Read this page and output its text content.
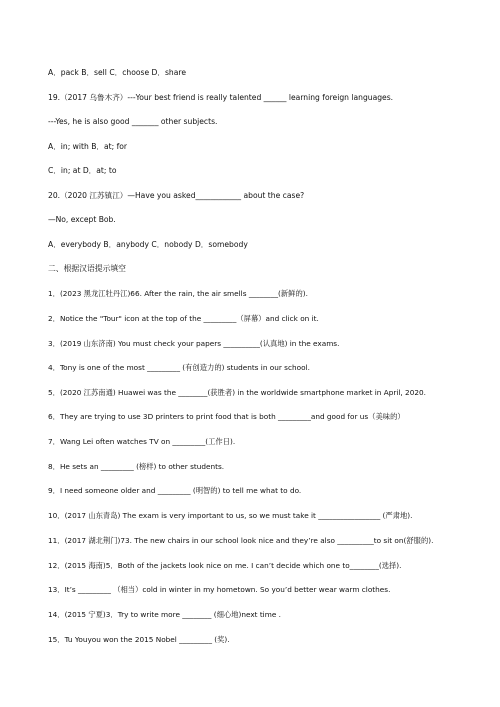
A．pack B．sell C．choose D．share
19.（2017 乌鲁木齐）---Your best friend is really talented ______ learning foreign languages.
---Yes, he is also good _______ other subjects.
A．in; with B．at; for
C．in; at D．at; to
20.（2020 江苏镇江）—Have you asked____________ about the case?
—No, except Bob.
A．everybody B．anybody C．nobody D．somebody
二、根据汉语提示填空
1．(2023 黑龙江牡丹江)66. After the rain, the air smells ________(新鲜的).
2．Notice the "Tour" icon at the top of the _________（屏幕）and click on it.
3．(2019 山东济南) You must check your papers __________(认真地) in the exams.
4．Tony is one of the most _________ (有创造力的) students in our school.
5．(2020 江苏南通) Huawei was the ________(获胜者) in the worldwide smartphone market in April, 2020.
6．They are trying to use 3D printers to print food that is both _________and good for us（美味的）
7．Wang Lei often watches TV on _________(工作日).
8．He sets an _________ (榜样) to other students.
9．I need someone older and _________ (明智的) to tell me what to do.
10．(2017 山东青岛) The exam is very important to us, so we must take it _________________ (严肃地).
11．(2017 湖北荆门)73. The new chairs in our school look nice and they’re also __________to sit on(舒服的).
12．(2015 海南)5．Both of the jackets look nice on me. I can’t decide which one to________(选择).
13．It’s _________ （相当）cold in winter in my hometown. So you’d better wear warm clothes.
14．(2015 宁夏)3．Try to write more ________ (细心地)next time .
15．Tu Youyou won the 2015 Nobel _________ (奖).
